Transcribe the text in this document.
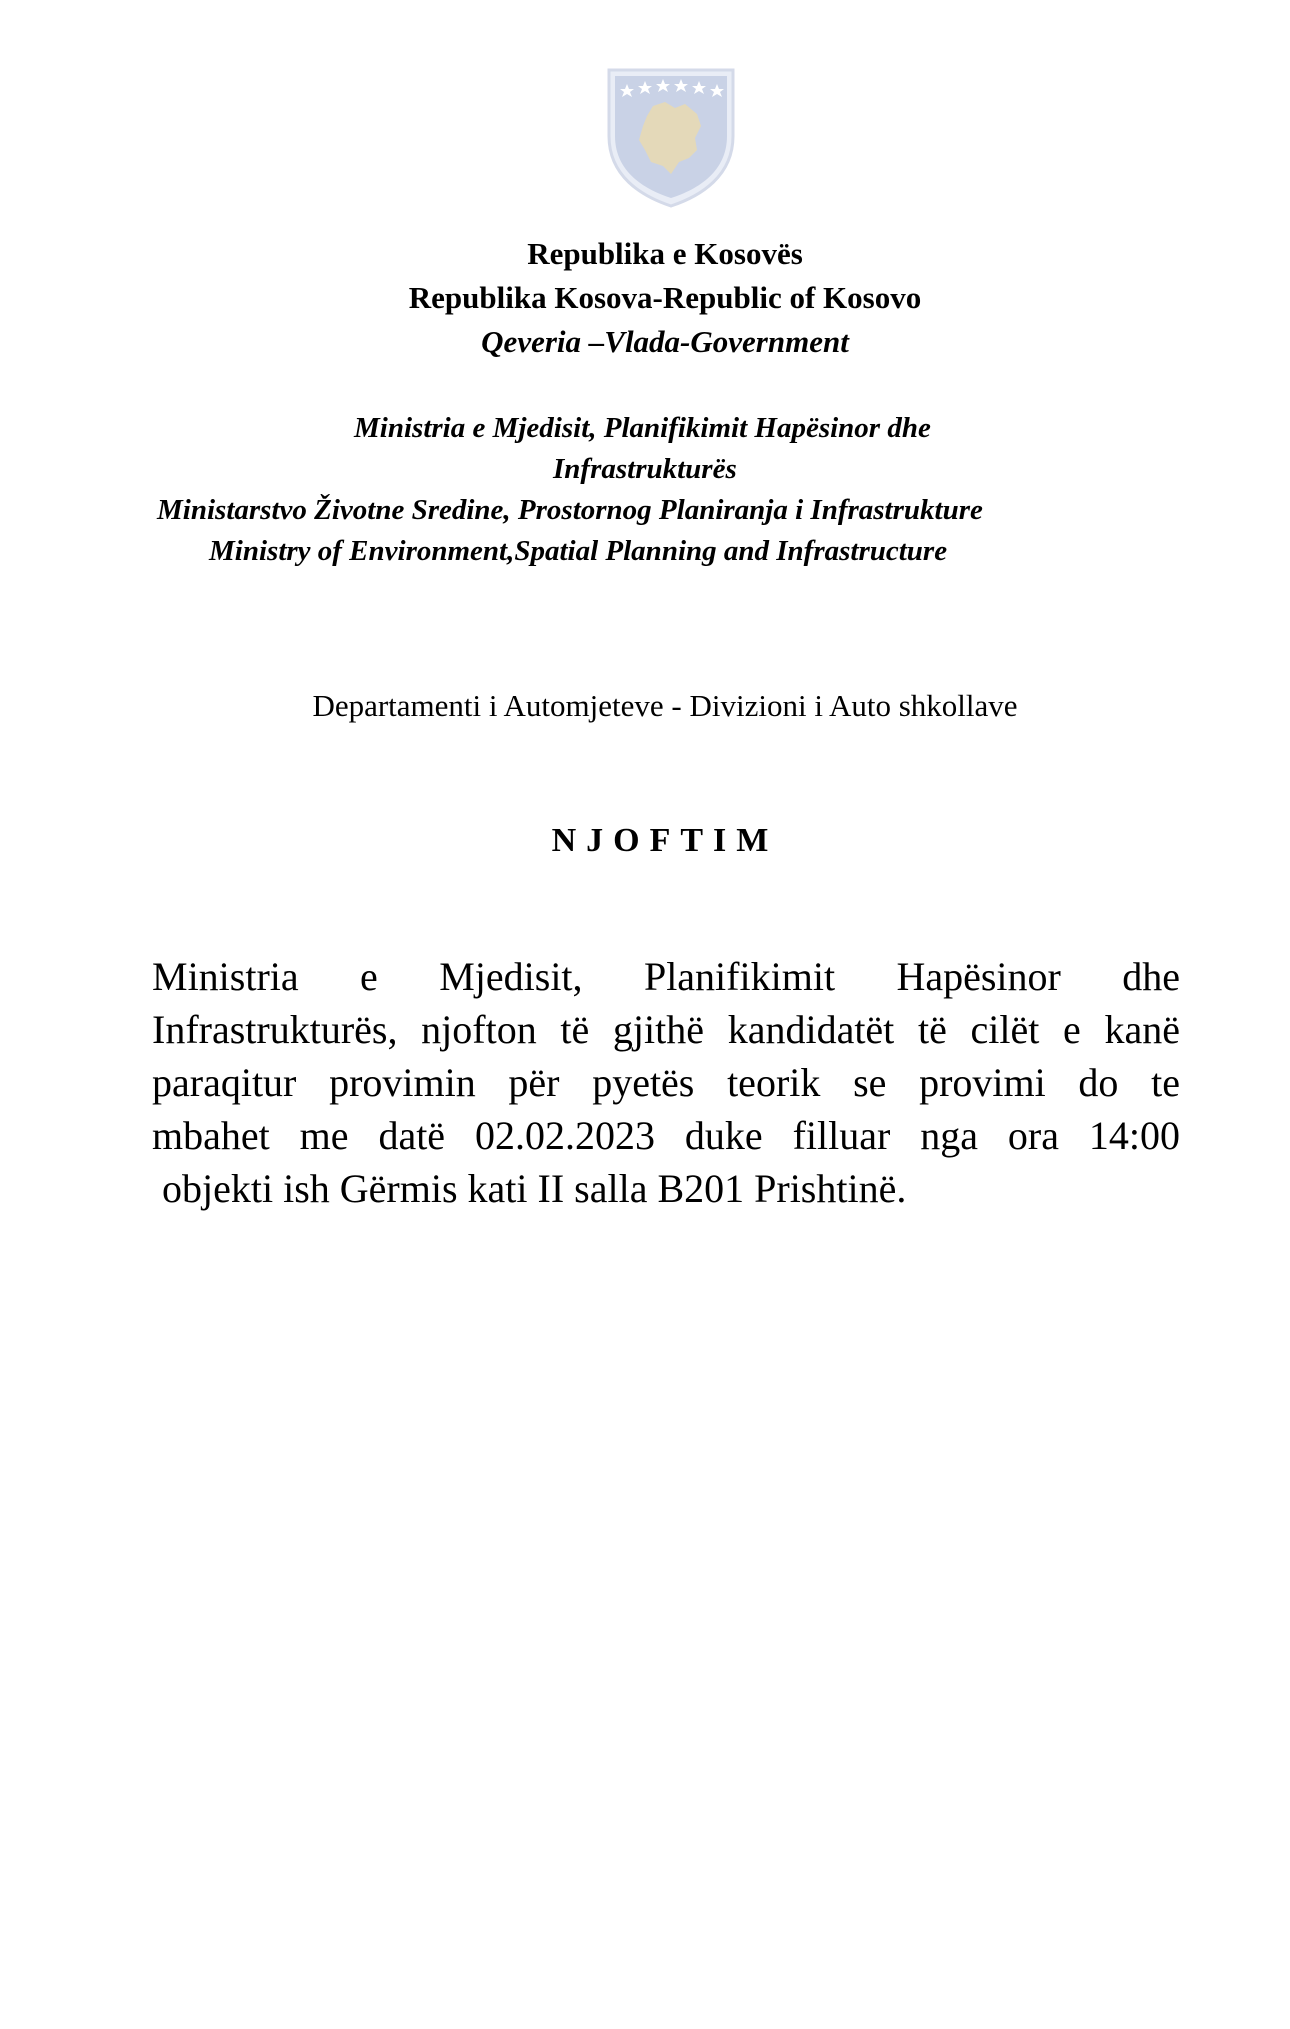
Republika e Kosovës
Republika Kosova-Republic of Kosovo
Qeveria –Vlada-Government
Ministria e Mjedisit, Planifikimit Hapësinor dhe
Infrastrukturës
Ministarstvo Životne Sredine, Prostornog Planiranja i Infrastrukture
Ministry of Environment,Spatial Planning and Infrastructure
Departamenti i Automjeteve - Divizioni i Auto shkollave
NJOFTIM
Ministria e Mjedisit, Planifikimit Hapësinor dhe
Infrastrukturës, njofton të gjithë kandidatët të cilët e kanë
paraqitur provimin për pyetës teorik se provimi do te
mbahet me datë 02.02.2023 duke filluar nga ora 14:00
objekti ish Gërmis kati II salla B201 Prishtinë.
